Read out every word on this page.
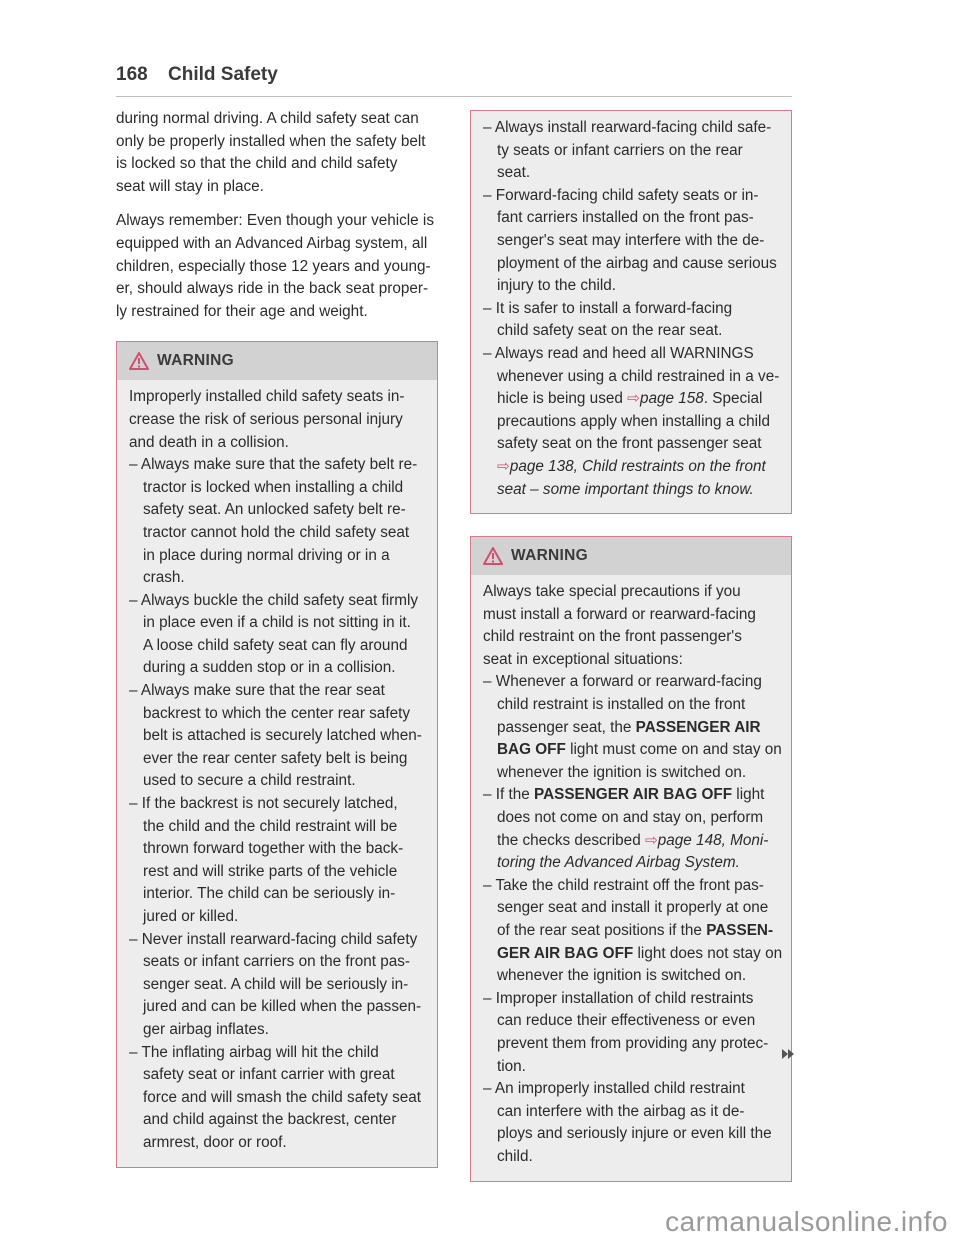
168 Child Safety

during normal driving. A child safety seat can
only be properly installed when the safety belt
is locked so that the child and child safety
seat will stay in place.

Always remember: Even though your vehicle is
equipped with an Advanced Airbag system, all
children, especially those 12 years and young-
er, should always ride in the back seat proper-
ly restrained for their age and weight.

WARNING
Improperly installed child safety seats in-
crease the risk of serious personal injury
and death in a collision.
– Always make sure that the safety belt re-
tractor is locked when installing a child
safety seat. An unlocked safety belt re-
tractor cannot hold the child safety seat
in place during normal driving or in a
crash.
– Always buckle the child safety seat firmly
in place even if a child is not sitting in it.
A loose child safety seat can fly around
during a sudden stop or in a collision.
– Always make sure that the rear seat
backrest to which the center rear safety
belt is attached is securely latched when-
ever the rear center safety belt is being
used to secure a child restraint.
– If the backrest is not securely latched,
the child and the child restraint will be
thrown forward together with the back-
rest and will strike parts of the vehicle
interior. The child can be seriously in-
jured or killed.
– Never install rearward-facing child safety
seats or infant carriers on the front pas-
senger seat. A child will be seriously in-
jured and can be killed when the passen-
ger airbag inflates.
– The inflating airbag will hit the child
safety seat or infant carrier with great
force and will smash the child safety seat
and child against the backrest, center
armrest, door or roof.
– Always install rearward-facing child safe-
ty seats or infant carriers on the rear
seat.
– Forward-facing child safety seats or in-
fant carriers installed on the front pas-
senger's seat may interfere with the de-
ployment of the airbag and cause serious
injury to the child.
– It is safer to install a forward-facing
child safety seat on the rear seat.
– Always read and heed all WARNINGS
whenever using a child restrained in a ve-
hicle is being used ⇨page 158. Special
precautions apply when installing a child
safety seat on the front passenger seat
⇨page 138, Child restraints on the front
seat – some important things to know.
WARNING
Always take special precautions if you
must install a forward or rearward-facing
child restraint on the front passenger's
seat in exceptional situations:
– Whenever a forward or rearward-facing
child restraint is installed on the front
passenger seat, the PASSENGER AIR
BAG OFF light must come on and stay on
whenever the ignition is switched on.
– If the PASSENGER AIR BAG OFF light
does not come on and stay on, perform
the checks described ⇨page 148, Moni-
toring the Advanced Airbag System.
– Take the child restraint off the front pas-
senger seat and install it properly at one
of the rear seat positions if the PASSEN-
GER AIR BAG OFF light does not stay on
whenever the ignition is switched on.
– Improper installation of child restraints
can reduce their effectiveness or even
prevent them from providing any protec-
tion.
– An improperly installed child restraint
can interfere with the airbag as it de-
ploys and seriously injure or even kill the
child.
carmanualsonline.info
